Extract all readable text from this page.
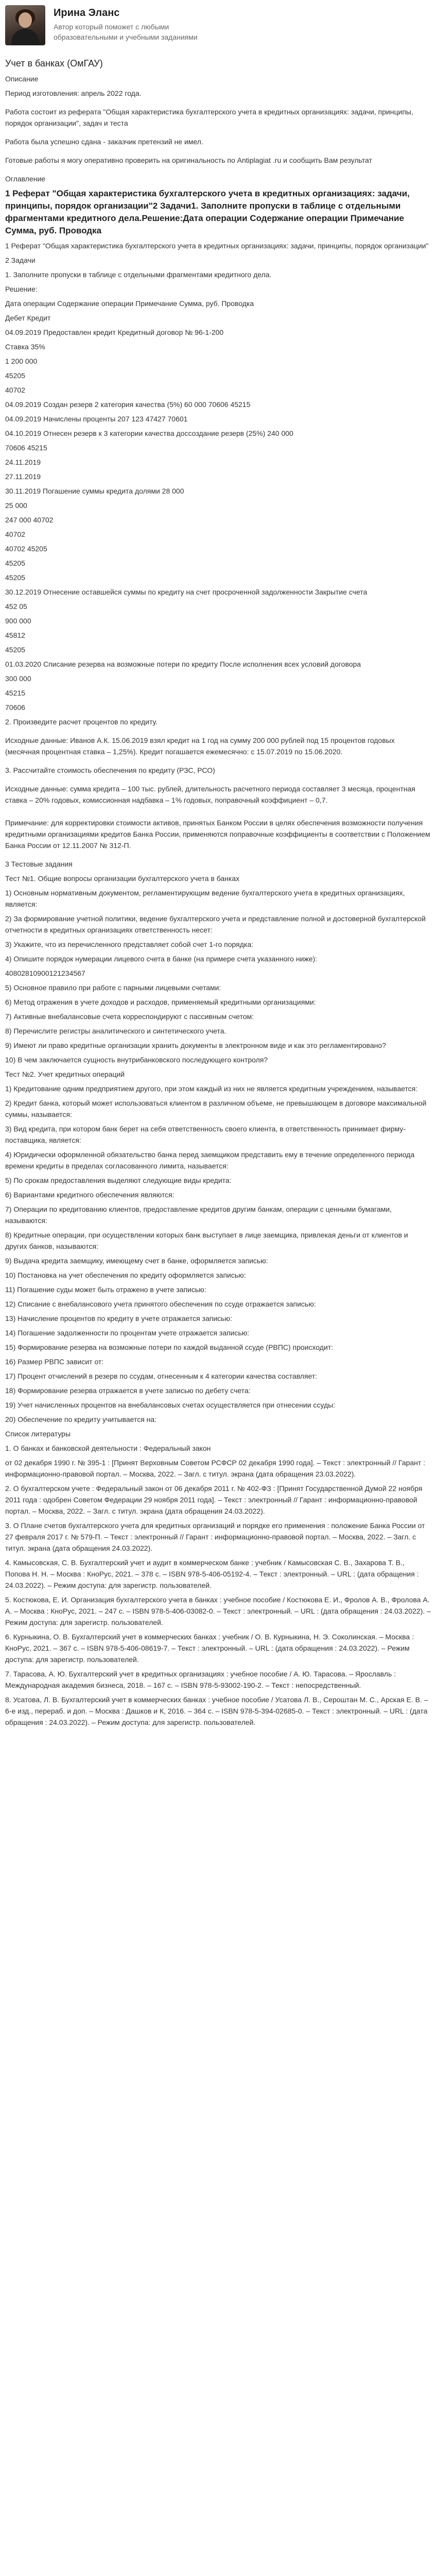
Ирина Эланс
Автор который поможет с любыми образовательными и учебными заданиями
Учет в банках (ОмГАУ)

Описание

Период изготовления: апрель 2022 года.

Работа состоит из реферата "Общая характеристика бухгалтерского учета в кредитных организациях: задачи, принципы, порядок организации", задач и теста

Работа была успешно сдана - заказчик претензий не имел.

Готовые работы я могу оперативно проверить на оригинальность по Antiplagiat .ru и сообщить Вам результат

Оглавление

1 Реферат "Общая характеристика бухгалтерского учета в кредитных организациях: задачи, принципы, порядок организации"2 Задачи1. Заполните пропуски в таблице с отдельными фрагментами кредитного дела.Решение:Дата операции Содержание операции Примечание Сумма, руб. Проводка

1 Реферат "Общая характеристика бухгалтерского учета в кредитных организациях: задачи, принципы, порядок организации"

2 Задачи

1. Заполните пропуски в таблице с отдельными фрагментами кредитного дела.

Решение:

Дата операции Содержание операции Примечание Сумма, руб. Проводка

Дебет Кредит

04.09.2019 Предоставлен кредит Кредитный договор № 96-1-200

Ставка 35%

1 200 000

45205

40702

04.09.2019 Создан резерв 2 категория качества (5%) 60 000 70606 45215

04.09.2019 Начислены проценты 207 123 47427 70601

04.10.2019 Отнесен резерв к 3 категории качества доссоздание резерв (25%) 240 000

70606 45215

24.11.2019

27.11.2019

30.11.2019 Погашение суммы кредита долями 28 000

25 000

247 000 40702

40702

40702 45205

45205

45205

30.12.2019 Отнесение оставшейся суммы по кредиту на счет просроченной задолженности Закрытие счета

452 05

900 000

45812

45205

01.03.2020 Списание резерва на возможные потери по кредиту После исполнения всех условий договора

300 000

45215

70606

2. Произведите расчет процентов по кредиту.

Исходные данные: Иванов А.К. 15.06.2019 взял кредит на 1 год на сумму 200 000 рублей под 15 процентов годовых (месячная процентная ставка – 1,25%). Кредит погашается ежемесячно: с 15.07.2019 по 15.06.2020.

3. Рассчитайте стоимость обеспечения по кредиту (РЗС, РСО)

Исходные данные: сумма кредита – 100 тыс. рублей, длительность расчетного периода составляет 3 месяца, процентная ставка – 20% годовых, комиссионная надбавка – 1% годовых, поправочный коэффициент – 0,7.

Примечание: для корректировки стоимости активов, принятых Банком России в целях обеспечения возможности получения кредитными организациями кредитов Банка России, применяются поправочные коэффициенты в соответствии с Положением Банка России от 12.11.2007 № 312-П.

3 Тестовые задания

Тест №1. Общие вопросы организации бухгалтерского учета в банках

1) Основным нормативным документом, регламентирующим ведение бухгалтерского учета в кредитных организациях, является:

2) За формирование учетной политики, ведение бухгалтерского учета и представление полной и достоверной бухгалтерской отчетности в кредитных организациях ответственность несет:

3) Укажите, что из перечисленного представляет собой счет 1-го порядка:

4) Опишите порядок нумерации лицевого счета в банке (на примере счета указанного ниже):

40802810900121234567

5) Основное правило при работе с парными лицевыми счетами:

6) Метод отражения в учете доходов и расходов, применяемый кредитными организациями:

7) Активные внебалансовые счета корреспондируют с пассивным счетом:

8) Перечислите регистры аналитического и синтетического учета.

9) Имеют ли право кредитные организации хранить документы в электронном виде и как это регламентировано?

10) В чем заключается сущность внутрибанковского последующего контроля?

Тест №2. Учет кредитных операций

1) Кредитование одним предприятием другого, при этом каждый из них не является кредитным учреждением, называется:

2) Кредит банка, который может использоваться клиентом в различном объеме, не превышающем в договоре максимальной суммы, называется:

3) Вид кредита, при котором банк берет на себя ответственность своего клиента, в ответственность принимает фирму-поставщика, является:

4) Юридически оформленной обязательство банка перед заемщиком представить ему в течение определенного периода времени кредиты в пределах согласованного лимита, называется:

5) По срокам предоставления выделяют следующие виды кредита:

6) Вариантами кредитного обеспечения являются:

7) Операции по кредитованию клиентов, предоставление кредитов другим банкам, операции с ценными бумагами, называются:

8) Кредитные операции, при осуществлении которых банк выступает в лице заемщика, привлекая деньги от клиентов и других банков, называются:

9) Выдача кредита заемщику, имеющему счет в банке, оформляется записью:

10) Постановка на учет обеспечения по кредиту оформляется записью:

11) Погашение суды может быть отражено в учете записью:

12) Списание с внебалансового учета принятого обеспечения по ссуде отражается записью:

13) Начисление процентов по кредиту в учете отражается записью:

14) Погашение задолженности по процентам учете отражается записью:

15) Формирование резерва на возможные потери по каждой выданной ссуде (РВПС) происходит:

16) Размер РВПС зависит от:

17) Процент отчислений в резерв по ссудам, отнесенным к 4 категории качества составляет:

18) Формирование резерва отражается в учете записью по дебету счета:

19) Учет начисленных процентов на внебалансовых счетах осуществляется при отнесении ссуды:

20) Обеспечение по кредиту учитывается на:

Список литературы

1. О банках и банковской деятельности : Федеральный закон

от 02 декабря 1990 г. № 395-1 : [Принят Верховным Советом РСФСР 02 декабря 1990 года]. – Текст : электронный // Гарант : информационно-правовой портал. – Москва, 2022. – Загл. с титул. экрана (дата обращения 23.03.2022).

2. О бухгалтерском учете : Федеральный закон от 06 декабря 2011 г. № 402-ФЗ : [Принят Государственной Думой 22 ноября 2011 года : одобрен Советом Федерации 29 ноября 2011 года]. – Текст : электронный // Гарант : информационно-правовой портал. – Москва, 2022. – Загл. с титул. экрана (дата обращения 24.03.2022).

3. О Плане счетов бухгалтерского учета для кредитных организаций и порядке его применения : положение Банка России от 27 февраля 2017 г. № 579-П. – Текст : электронный // Гарант : информационно-правовой портал. – Москва, 2022. – Загл. с титул. экрана (дата обращения 24.03.2022).

4. Камысовская, С. В. Бухгалтерский учет и аудит в коммерческом банке : учебник / Камысовская С. В., Захарова Т. В., Попова Н. Н. – Москва : КноРус, 2021. – 378 с. – ISBN 978-5-406-05192-4. – Текст : электронный. – URL : (дата обращения : 24.03.2022). – Режим доступа: для зарегистр. пользователей.

5. Костюкова, Е. И. Организация бухгалтерского учета в банках : учебное пособие / Костюкова Е. И., Фролов А. В., Фролова А. А. – Москва : КноРус, 2021. – 247 с. – ISBN 978-5-406-03082-0. – Текст : электронный. – URL : (дата обращения : 24.03.2022). – Режим доступа: для зарегистр. пользователей.

6. Курныкина, О. В. Бухгалтерский учет в коммерческих банках : учебник / О. В. Курныкина, Н. Э. Соколинская. – Москва : КноРус, 2021. – 367 с. – ISBN 978-5-406-08619-7. – Текст : электронный. – URL : (дата обращения : 24.03.2022). – Режим доступа: для зарегистр. пользователей.

7. Тарасова, А. Ю. Бухгалтерский учет в кредитных организациях : учебное пособие / А. Ю. Тарасова. – Ярославль : Международная академия бизнеса, 2018. – 167 с. – ISBN 978-5-93002-190-2. – Текст : непосредственный.

8. Усатова, Л. В. Бухгалтерский учет в коммерческих банках : учебное пособие / Усатова Л. В., Сероштан М. С., Арская Е. В. – 6-е изд., перераб. и доп. – Москва : Дашков и К, 2016. – 364 с. – ISBN 978-5-394-02685-0. – Текст : электронный. – URL : (дата обращения : 24.03.2022). – Режим доступа: для зарегистр. пользователей.
